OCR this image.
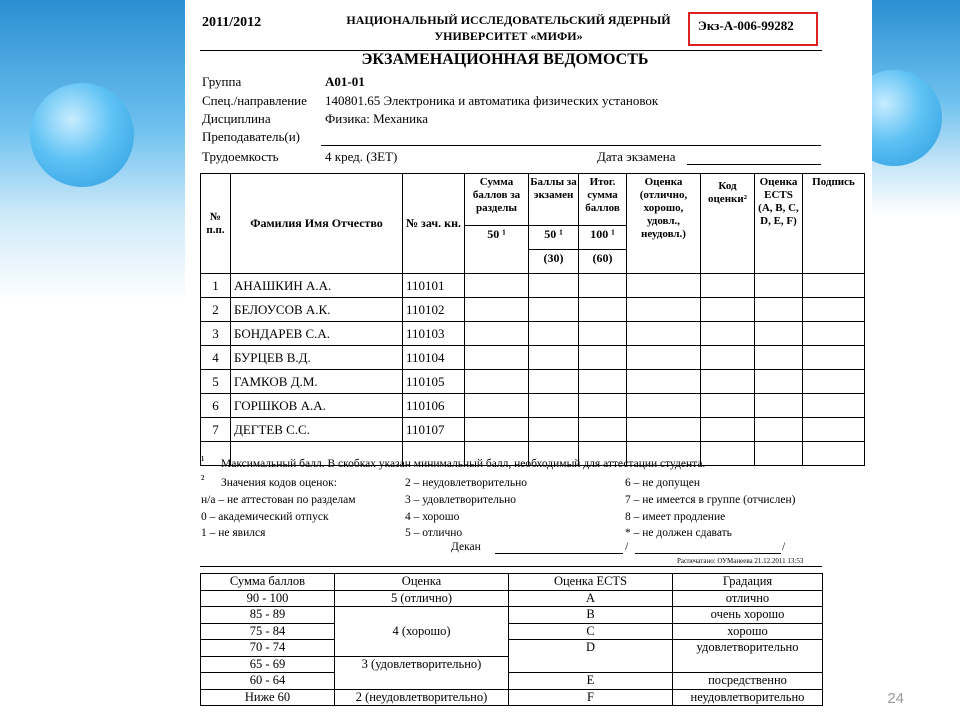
2011/2012	НАЦИОНАЛЬНЫЙ ИССЛЕДОВАТЕЛЬСКИЙ ЯДЕРНЫЙ УНИВЕРСИТЕТ «МИФИ»
Экз-А-006-99282
ЭКЗАМЕНАЦИОННАЯ ВЕДОМОСТЬ
Группа	А01-01
Спец./направление 140801.65 Электроника и автоматика физических установок
Дисциплина	Физика: Механика
Преподаватель(и)
Трудоемкость	4 кред. (ЗЕТ)	Дата экзамена
№ п.п.	Фамилия Имя Отчество	№ зач. кн.	Сумма баллов за разделы	Баллы за экзамен	Итог. сумма баллов	Оценка (отлично, хорошо, удовл., неудовл.)	Код оценки²	Оценка ECTS (A, B, C, D, E, F)	Подпись
			50 ¹	50 ¹	100 ¹				
				(30)	(60)				
1	АНАШКИН А.А.	110101							
2	БЕЛОУСОВ А.К.	110102							
3	БОНДАРЕВ С.А.	110103							
4	БУРЦЕВ В.Д.	110104							
5	ГАМКОВ Д.М.	110105							
6	ГОРШКОВ А.А.	110106							
7	ДЕГТЕВ С.С.	110107							

¹ Максимальный балл. В скобках указан минимальный балл, необходимый для аттестации студента.
² Значения кодов оценок:
н/а – не аттестован по разделам
0 – академический отпуск
1 – не явился
2 – неудовлетворительно
3 – удовлетворительно
4 – хорошо
5 – отлично
6 – не допущен
7 – не имеется в группе (отчислен)
8 – имеет продление
* – не должен сдавать
Декан	/	/
Распечатано: ОУМанеева 21.12.2011 13:53
Сумма баллов	Оценка	Оценка ECTS	Градация
90 - 100	5 (отлично)	A	отлично
85 - 89	4 (хорошо)	B	очень хорошо
75 - 84		C	хорошо
70 - 74		D	удовлетворительно
65 - 69	3 (удовлетворительно)		
60 - 64		E	посредственно
Ниже 60	2 (неудовлетворительно)	F	неудовлетворительно	24
